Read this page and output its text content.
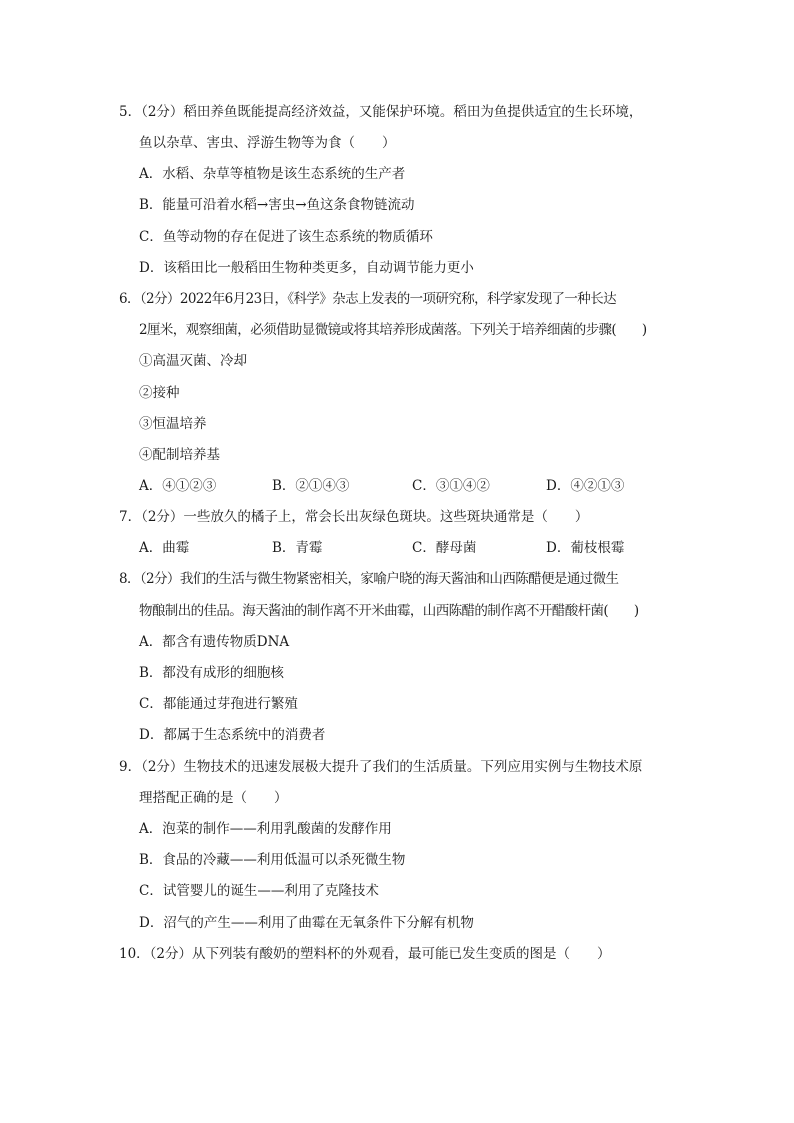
5．（2分）稻田养鱼既能提高经济效益，又能保护环境。稻田为鱼提供适宜的生长环境，
鱼以杂草、害虫、浮游生物等为食（　　）
A．水稻、杂草等植物是该生态系统的生产者
B．能量可沿着水稻→害虫→鱼这条食物链流动
C．鱼等动物的存在促进了该生态系统的物质循环
D．该稻田比一般稻田生物种类更多，自动调节能力更小
6．（2分）2022年6月23日，《科学》杂志上发表的一项研究称，科学家发现了一种长达
2厘米，观察细菌，必须借助显微镜或将其培养形成菌落。下列关于培养细菌的步骤(　　)
①高温灭菌、冷却
②接种
③恒温培养
④配制培养基
A．④①②③	B．②①④③	C．③①④②	D．④②①③
7．（2分）一些放久的橘子上，常会长出灰绿色斑块。这些斑块通常是（　　）
A．曲霉	B．青霉	C．酵母菌	D．葡枝根霉
8．（2分）我们的生活与微生物紧密相关，家喻户晓的海天酱油和山西陈醋便是通过微生
物酿制出的佳品。海天酱油的制作离不开米曲霉，山西陈醋的制作离不开醋酸杆菌(　　)
A．都含有遗传物质DNA
B．都没有成形的细胞核
C．都能通过芽孢进行繁殖
D．都属于生态系统中的消费者
9．（2分）生物技术的迅速发展极大提升了我们的生活质量。下列应用实例与生物技术原
理搭配正确的是（　　）
A．泡菜的制作——利用乳酸菌的发酵作用
B．食品的冷藏——利用低温可以杀死微生物
C．试管婴儿的诞生——利用了克隆技术
D．沼气的产生——利用了曲霉在无氧条件下分解有机物
10．（2分）从下列装有酸奶的塑料杯的外观看，最可能已发生变质的图是（　　）
